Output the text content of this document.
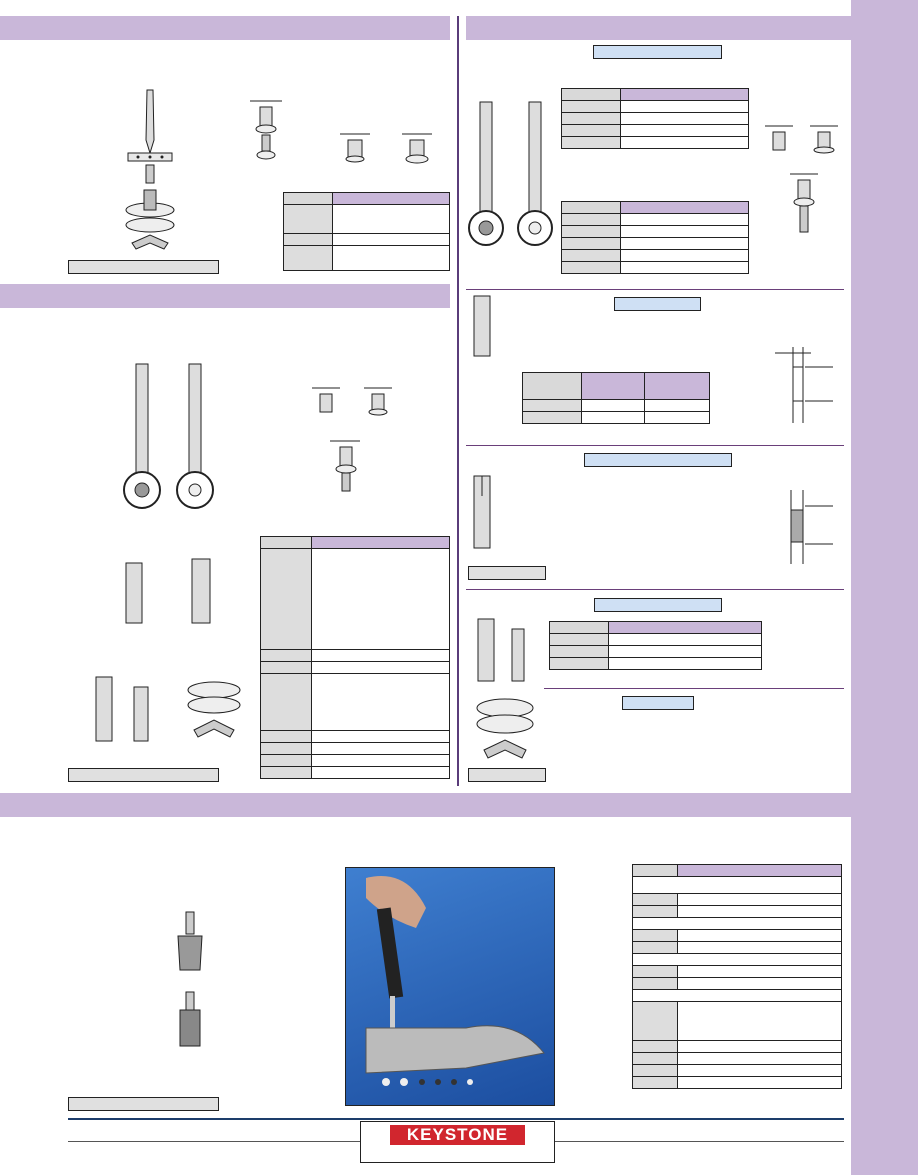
KEYSTONE
